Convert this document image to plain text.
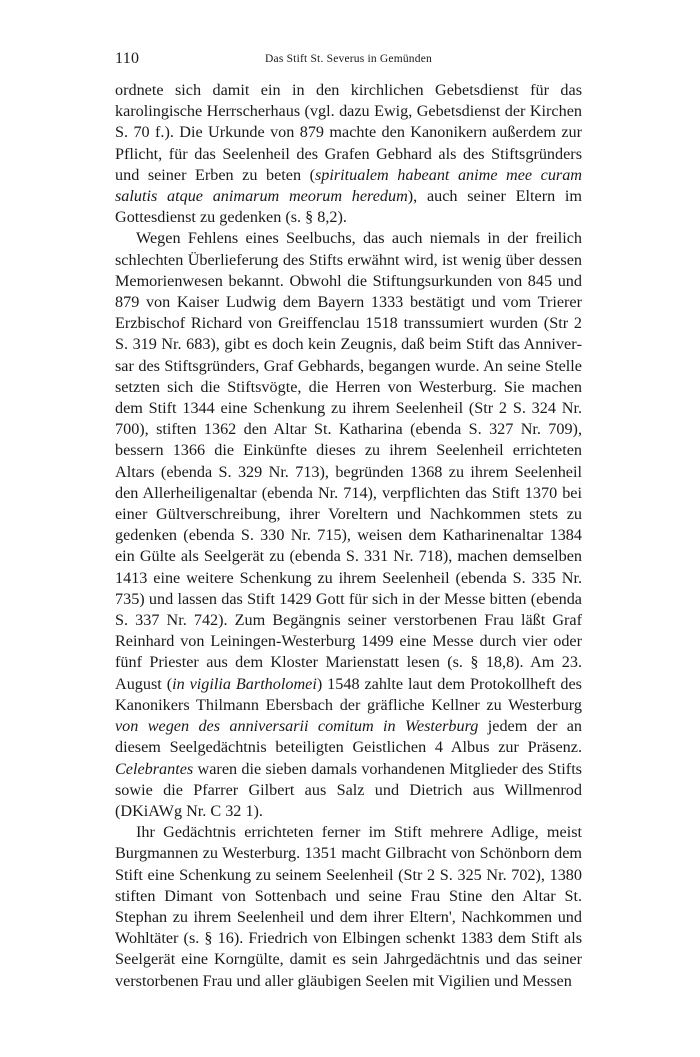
110	Das Stift St. Severus in Gemünden

ordnete sich damit ein in den kirchlichen Gebetsdienst für das karolingische Herrscherhaus (vgl. dazu Ewig, Gebetsdienst der Kirchen S. 70 f.). Die Urkunde von 879 machte den Kanonikern außerdem zur Pflicht, für das Seelenheil des Grafen Gebhard als des Stiftsgründers und seiner Erben zu beten (spiritualem habeant anime mee curam salutis atque animarum meorum heredum), auch seiner Eltern im Gottesdienst zu gedenken (s. § 8,2).

Wegen Fehlens eines Seelbuchs, das auch niemals in der freilich schlechten Überlieferung des Stifts erwähnt wird, ist wenig über dessen Memorienwesen bekannt. Obwohl die Stiftungsurkunden von 845 und 879 von Kaiser Ludwig dem Bayern 1333 bestätigt und vom Trierer Erzbischof Richard von Greiffenclau 1518 transsumiert wurden (Str 2 S. 319 Nr. 683), gibt es doch kein Zeugnis, daß beim Stift das Anniversar des Stiftsgründers, Graf Gebhards, begangen wurde. An seine Stelle setzten sich die Stiftsvögte, die Herren von Westerburg. Sie machen dem Stift 1344 eine Schenkung zu ihrem Seelenheil (Str 2 S. 324 Nr. 700), stiften 1362 den Altar St. Katharina (ebenda S. 327 Nr. 709), bessern 1366 die Einkünfte dieses zu ihrem Seelenheil errichteten Altars (ebenda S. 329 Nr. 713), begründen 1368 zu ihrem Seelenheil den Allerheiligenaltar (ebenda Nr. 714), verpflichten das Stift 1370 bei einer Gültverschreibung, ihrer Voreltern und Nachkommen stets zu gedenken (ebenda S. 330 Nr. 715), weisen dem Katharinenaltar 1384 ein Gülte als Seelgerät zu (ebenda S. 331 Nr. 718), machen demselben 1413 eine weitere Schenkung zu ihrem Seelenheil (ebenda S. 335 Nr. 735) und lassen das Stift 1429 Gott für sich in der Messe bitten (ebenda S. 337 Nr. 742). Zum Begängnis seiner verstorbenen Frau läßt Graf Reinhard von Leiningen-Westerburg 1499 eine Messe durch vier oder fünf Priester aus dem Kloster Marienstatt lesen (s. § 18,8). Am 23. August (in vigilia Bartholomei) 1548 zahlte laut dem Protokollheft des Kanonikers Thilmann Ebersbach der gräfliche Kellner zu Westerburg von wegen des anniversarii comitum in Westerburg jedem der an diesem Seelgedächtnis beteiligten Geistlichen 4 Albus zur Präsenz. Celebrantes waren die sieben damals vorhandenen Mitglieder des Stifts sowie die Pfarrer Gilbert aus Salz und Dietrich aus Willmenrod (DKiAWg Nr. C 32 1).

Ihr Gedächtnis errichteten ferner im Stift mehrere Adlige, meist Burgmannen zu Westerburg. 1351 macht Gilbracht von Schönborn dem Stift eine Schenkung zu seinem Seelenheil (Str 2 S. 325 Nr. 702), 1380 stiften Dimant von Sottenbach und seine Frau Stine den Altar St. Stephan zu ihrem Seelenheil und dem ihrer Eltern', Nachkommen und Wohltäter (s. § 16). Friedrich von Elbingen schenkt 1383 dem Stift als Seelgerät eine Korngülte, damit es sein Jahrgedächtnis und das seiner verstorbenen Frau und aller gläubigen Seelen mit Vigilien und Messen
